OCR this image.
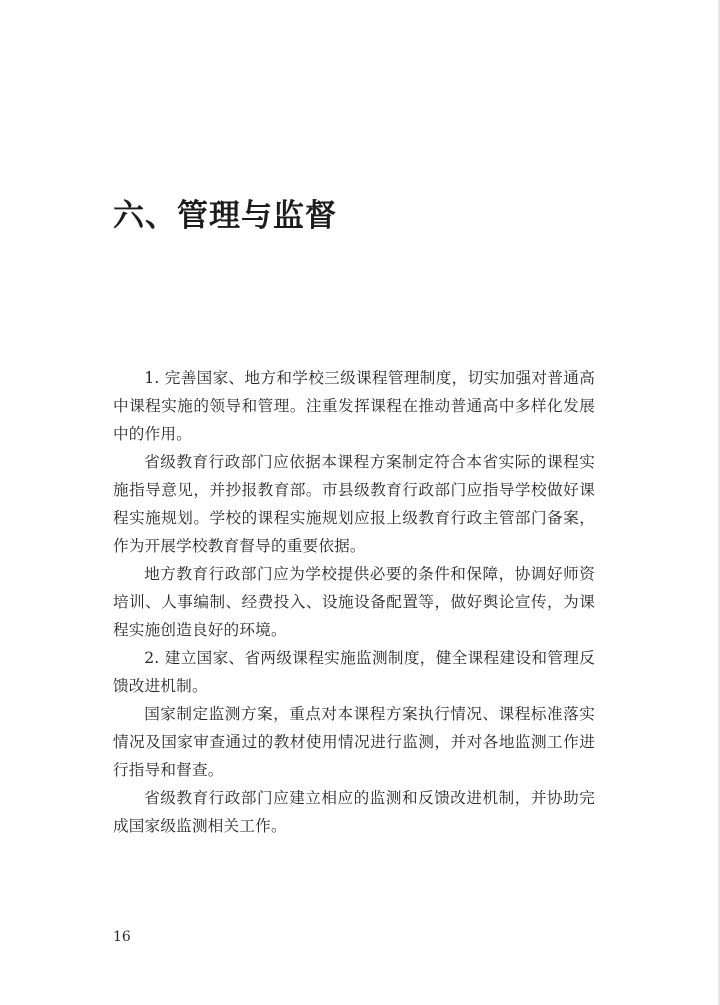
六、管理与监督

1. 完善国家、地方和学校三级课程管理制度，切实加强对普通高中课程实施的领导和管理。注重发挥课程在推动普通高中多样化发展中的作用。

省级教育行政部门应依据本课程方案制定符合本省实际的课程实施指导意见，并抄报教育部。市县级教育行政部门应指导学校做好课程实施规划。学校的课程实施规划应报上级教育行政主管部门备案，作为开展学校教育督导的重要依据。

地方教育行政部门应为学校提供必要的条件和保障，协调好师资培训、人事编制、经费投入、设施设备配置等，做好舆论宣传，为课程实施创造良好的环境。

2. 建立国家、省两级课程实施监测制度，健全课程建设和管理反馈改进机制。

国家制定监测方案，重点对本课程方案执行情况、课程标准落实情况及国家审查通过的教材使用情况进行监测，并对各地监测工作进行指导和督查。

省级教育行政部门应建立相应的监测和反馈改进机制，并协助完成国家级监测相关工作。

16
